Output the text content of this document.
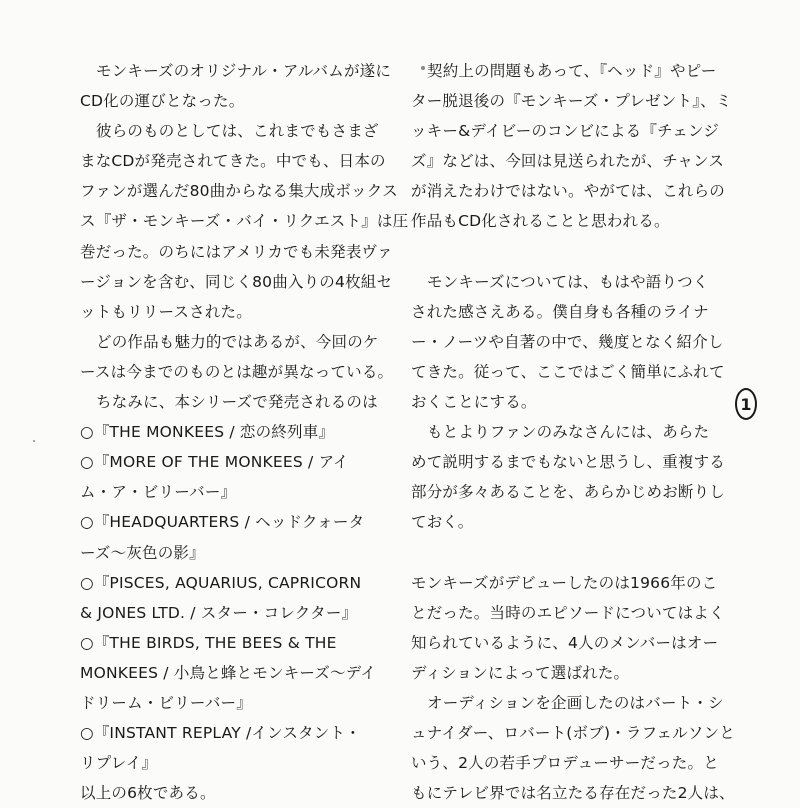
モンキーズのオリジナル・アルバムが遂に
CD化の運びとなった。
彼らのものとしては、これまでもさまざ
まなCDが発売されてきた。中でも、日本の
ファンが選んだ80曲からなる集大成ボックス
ス『ザ・モンキーズ・バイ・リクエスト』は圧
巻だった。のちにはアメリカでも未発表ヴァ
ージョンを含む、同じく80曲入りの4枚組セ
ットもリリースされた。
どの作品も魅力的ではあるが、今回のケ
ースは今までのものとは趣が異なっている。
ちなみに、本シリーズで発売されるのは
○『THE MONKEES / 恋の終列車』
○『MORE OF THE MONKEES / アイ
ム・ア・ビリーバー』
○『HEADQUARTERS / ヘッドクォータ
ーズ〜灰色の影』
○『PISCES, AQUARIUS, CAPRICORN
& JONES LTD. / スター・コレクター』
○『THE BIRDS, THE BEES & THE
MONKEES / 小鳥と蜂とモンキーズ〜デイ
ドリーム・ビリーバー』
○『INSTANT REPLAY /インスタント・
リプレイ』
以上の6枚である。
契約上の問題もあって、『ヘッド』やピー
ター脱退後の『モンキーズ・プレゼント』、ミ
ッキー&デイビーのコンビによる『チェンジ
ズ』などは、今回は見送られたが、チャンス
が消えたわけではない。やがては、これらの
作品もCD化されることと思われる。
モンキーズについては、もはや語りつく
された感さえある。僕自身も各種のライナ
ー・ノーツや自著の中で、幾度となく紹介し
てきた。従って、ここではごく簡単にふれて
おくことにする。
もとよりファンのみなさんには、あらた
めて説明するまでもないと思うし、重複する
部分が多々あることを、あらかじめお断りし
ておく。
モンキーズがデビューしたのは1966年のこ
とだった。当時のエピソードについてはよく
知られているように、4人のメンバーはオー
ディションによって選ばれた。
オーディションを企画したのはバート・シ
ュナイダー、ロバート(ボブ)・ラフェルソンと
いう、2人の若手プロデューサーだった。と
もにテレビ界では名立たる存在だった2人は、
1
